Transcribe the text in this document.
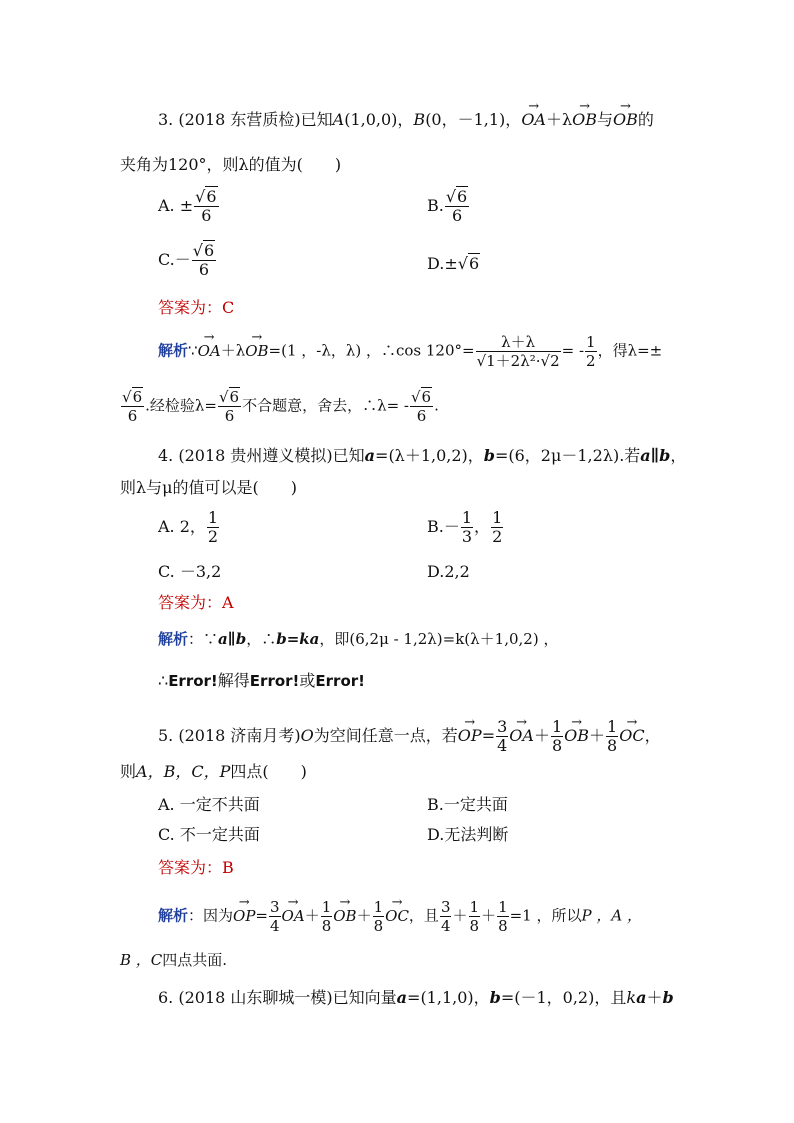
3. (2018 东营质检)已知A(1,0,0)，B(0，－1,1)，→ OA＋λ→ OB与→ OB的
夹角为120°，则λ的值为(　　)
A. ± $\frac{√6}{6}$	B. $\frac{√6}{6}$
$C.- \frac{√6}{6}$	D.±√6
答案为：C
解析∵→ OA＋λ→ OB=(1 ，-λ，λ) ，∴cos $120^\circ= \frac{\lambda+\lambda}{\text{√1＋2λ²·√2}}$ = - $\frac{1}{2}$ ，得λ=±
$\frac{√6}{6}$ .经检验$\lambda= \frac{√6}{6}$ 不合题意，舍去，∴λ= - $\frac{√6}{6}$ .
4. (2018 贵州遵义模拟)已知a=(λ＋1,0,2)，b=(6，2μ－1,2λ).若a∥b，
则λ与μ的值可以是(　　)
A. 2， $\frac{1}{2}$	$B.- \frac{1}{3}$ ， $\frac{1}{2}$
C. －3,2	D.2,2
答案为：A
解析：∵a∥b，∴b=ka，即(6,2μ - 1,2λ)=k(λ＋1,0,2) ，
∴Error!解得Error!或Error!
5. (2018 济南月考)O为空间任意一点，若→ $OP= \frac{3}{4}$
→ $OA+ \frac{1}{8}$
→ $OB+ \frac{1}{8}$
→ OC，
则A，B，C，P四点(　　)
A. 一定不共面	B.一定共面
C. 不一定共面	D.无法判断
答案为：B
解析：因为→ $OP= \frac{3}{4}$
→ $OA+ \frac{1}{8}$
→ $OB+ \frac{1}{8}$
→ OC，且 $\frac{3}{4} + \frac{1}{8} + \frac{1}{8} =1$ ，所以P ，A ，
B ，C四点共面.
6. (2018 山东聊城一模)已知向量a=(1,1,0)，b=(－1，0,2)，且ka＋b
